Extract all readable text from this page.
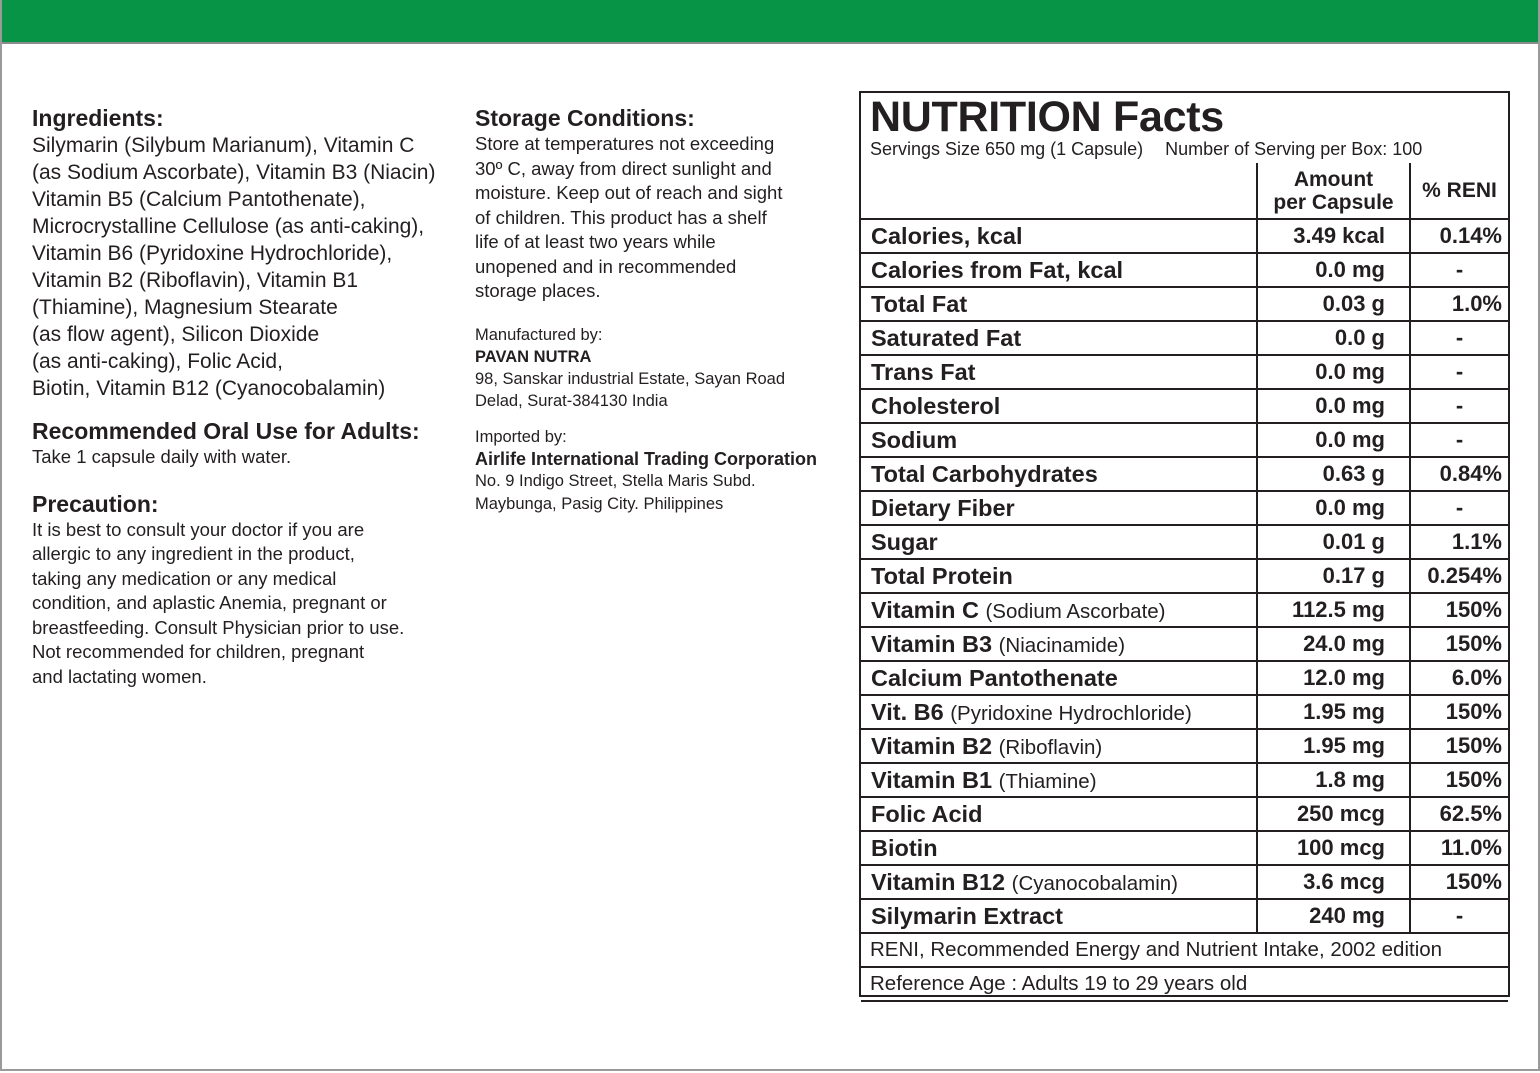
Ingredients:

Silymarin (Silybum Marianum), Vitamin C

(as Sodium Ascorbate), Vitamin B3 (Niacin)

Vitamin B5 (Calcium Pantothenate),

Microcrystalline Cellulose (as anti-caking),

Vitamin B6 (Pyridoxine Hydrochloride),

Vitamin B2 (Riboflavin), Vitamin B1

(Thiamine), Magnesium Stearate

(as flow agent), Silicon Dioxide

(as anti-caking), Folic Acid,

Biotin, Vitamin B12 (Cyanocobalamin)

Recommended Oral Use for Adults:

Take 1 capsule daily with water.

Precaution:

It is best to consult your doctor if you are

allergic to any ingredient in the product,

taking any medication or any medical

condition, and aplastic Anemia, pregnant or

breastfeeding. Consult Physician prior to use.

Not recommended for children, pregnant

and lactating women.

Storage Conditions:

Store at temperatures not exceeding

30º C, away from direct sunlight and

moisture. Keep out of reach and sight

of children. This product has a shelf

life of at least two years while

unopened and in recommended

storage places.

Manufactured by:

PAVAN NUTRA

98, Sanskar industrial Estate, Sayan Road

Delad, Surat-384130 India

Imported by:

Airlife International Trading Corporation

No. 9 Indigo Street, Stella Maris Subd.

Maybunga, Pasig City. Philippines

NUTRITION Facts
Servings Size 650 mg (1 Capsule) Number of Serving per Box: 100
	Amount
per Capsule	% RENI
Calories, kcal	3.49 kcal	0.14%
Calories from Fat, kcal	0.0 mg	-
Total Fat	0.03 g	1.0%
Saturated Fat	0.0 g	-
Trans Fat	0.0 mg	-
Cholesterol	0.0 mg	-
Sodium	0.0 mg	-
Total Carbohydrates	0.63 g	0.84%
Dietary Fiber	0.0 mg	-
Sugar	0.01 g	1.1%
Total Protein	0.17 g	0.254%
Vitamin C (Sodium Ascorbate)	112.5 mg	150%
Vitamin B3 (Niacinamide)	24.0 mg	150%
Calcium Pantothenate	12.0 mg	6.0%
Vit. B6 (Pyridoxine Hydrochloride)	1.95 mg	150%
Vitamin B2 (Riboflavin)	1.95 mg	150%
Vitamin B1 (Thiamine)	1.8 mg	150%
Folic Acid	250 mcg	62.5%
Biotin	100 mcg	11.0%
Vitamin B12 (Cyanocobalamin)	3.6 mcg	150%
Silymarin Extract	240 mg	-
RENI, Recommended Energy and Nutrient Intake, 2002 edition		
Reference Age : Adults 19 to 29 years old		
